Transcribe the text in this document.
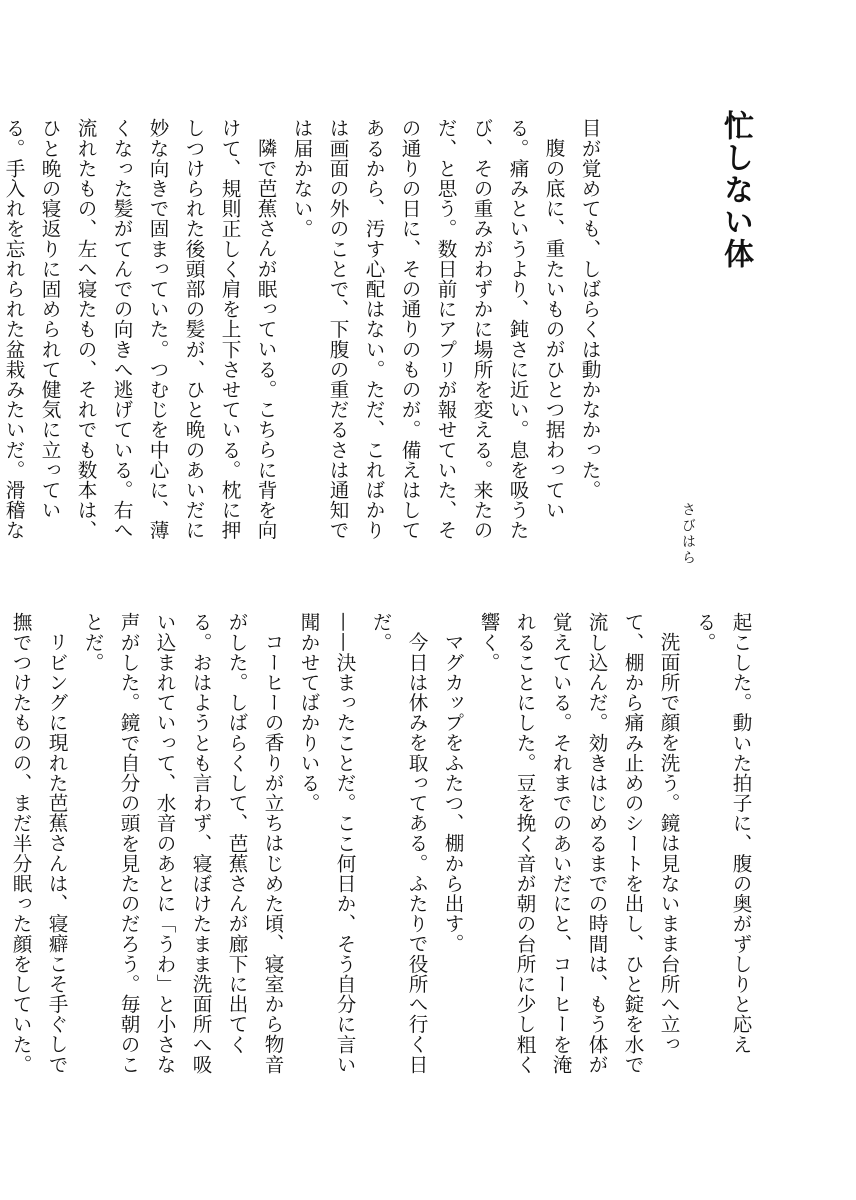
忙しない体
さびはら

目が覚めても、しばらくは動かなかった。

腹の底に、重たいものがひとつ据わっている。痛みというより、鈍さに近い。息を吸うたび、その重みがわずかに場所を変える。来たのだ、と思う。数日前にアプリが報せていた、その通りの日に、その通りのものが。備えはしてあるから、汚す心配はない。ただ、こればかりは画面の外のことで、下腹の重だるさは通知では届かない。

隣で芭蕉さんが眠っている。こちらに背を向けて、規則正しく肩を上下させている。枕に押しつけられた後頭部の髪が、ひと晩のあいだに妙な向きで固まっていた。つむじを中心に、薄くなった髪がてんでの向きへ逃げている。右へ流れたもの、左へ寝たもの、それでも数本は、ひと晩の寝返りに固められて健気に立っている。手入れを忘れられた盆栽みたいだ。滑稽な

起こした。動いた拍子に、腹の奥がずしりと応える。

洗面所で顔を洗う。鏡は見ないまま台所へ立って、棚から痛み止めのシートを出し、ひと錠を水で流し込んだ。効きはじめるまでの時間は、もう体が覚えている。それまでのあいだにと、コーヒーを淹れることにした。豆を挽く音が朝の台所に少し粗く響く。

マグカップをふたつ、棚から出す。

今日は休みを取ってある。ふたりで役所へ行く日だ。

——決まったことだ。ここ何日か、そう自分に言い聞かせてばかりいる。

コーヒーの香りが立ちはじめた頃、寝室から物音がした。しばらくして、芭蕉さんが廊下に出てくる。おはようとも言わず、寝ぼけたまま洗面所へ吸い込まれていって、水音のあとに「うわ」と小さな声がした。鏡で自分の頭を見たのだろう。毎朝のことだ。

リビングに現れた芭蕉さんは、寝癖こそ手ぐしで撫でつけたものの、まだ半分眠った顔をしていた。
